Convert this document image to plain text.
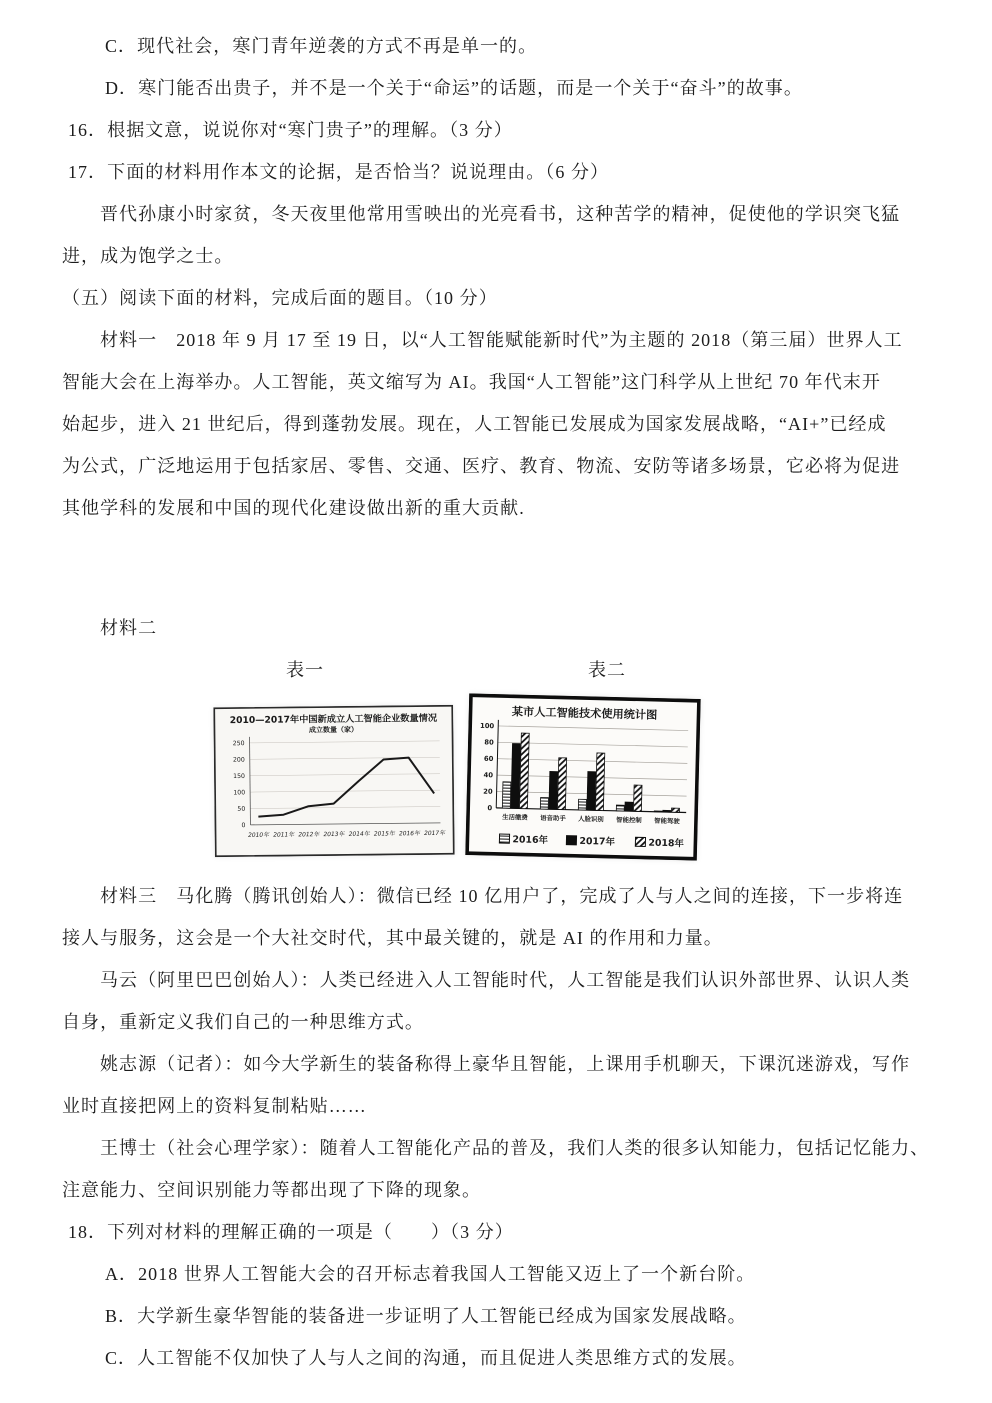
C．现代社会，寒门青年逆袭的方式不再是单一的。
D．寒门能否出贵子，并不是一个关于“命运”的话题，而是一个关于“奋斗”的故事。
16．根据文意，说说你对“寒门贵子”的理解。（3 分）
17．下面的材料用作本文的论据，是否恰当？说说理由。（6 分）
晋代孙康小时家贫，冬天夜里他常用雪映出的光亮看书，这种苦学的精神，促使他的学识突飞猛
进，成为饱学之士。
（五）阅读下面的材料，完成后面的题目。（10 分）
材料一　2018 年 9 月 17 至 19 日，以“人工智能赋能新时代”为主题的 2018（第三届）世界人工
智能大会在上海举办。人工智能，英文缩写为 AI。我国“人工智能”这门科学从上世纪 70 年代末开
始起步，进入 21 世纪后，得到蓬勃发展。现在，人工智能已发展成为国家发展战略，“AI+”已经成
为公式，广泛地运用于包括家居、零售、交通、医疗、教育、物流、安防等诸多场景，它必将为促进
其他学科的发展和中国的现代化建设做出新的重大贡献.
材料二
表一	表二
2010—2017年中国新成立人工智能企业数量情况
成立数量（家）
0
50
100
150
200
250
2010年 2011年 2012年 2013年 2014年 2015年 2016年 2017年
某市人工智能技术使用统计图
0
20
40
60
80
100
生活缴费 语音助手 人脸识别 智能控制 智能驾驶
2016年	2017年	2018年
材料三　马化腾（腾讯创始人）：微信已经 10 亿用户了，完成了人与人之间的连接，下一步将连
接人与服务，这会是一个大社交时代，其中最关键的，就是 AI 的作用和力量。
马云（阿里巴巴创始人）：人类已经进入人工智能时代，人工智能是我们认识外部世界、认识人类
自身，重新定义我们自己的一种思维方式。
姚志源（记者）：如今大学新生的装备称得上豪华且智能，上课用手机聊天，下课沉迷游戏，写作
业时直接把网上的资料复制粘贴……
王博士（社会心理学家）：随着人工智能化产品的普及，我们人类的很多认知能力，包括记忆能力、
注意能力、空间识别能力等都出现了下降的现象。
18．下列对材料的理解正确的一项是（　　）（3 分）
A．2018 世界人工智能大会的召开标志着我国人工智能又迈上了一个新台阶。
B．大学新生豪华智能的装备进一步证明了人工智能已经成为国家发展战略。
C．人工智能不仅加快了人与人之间的沟通，而且促进人类思维方式的发展。
